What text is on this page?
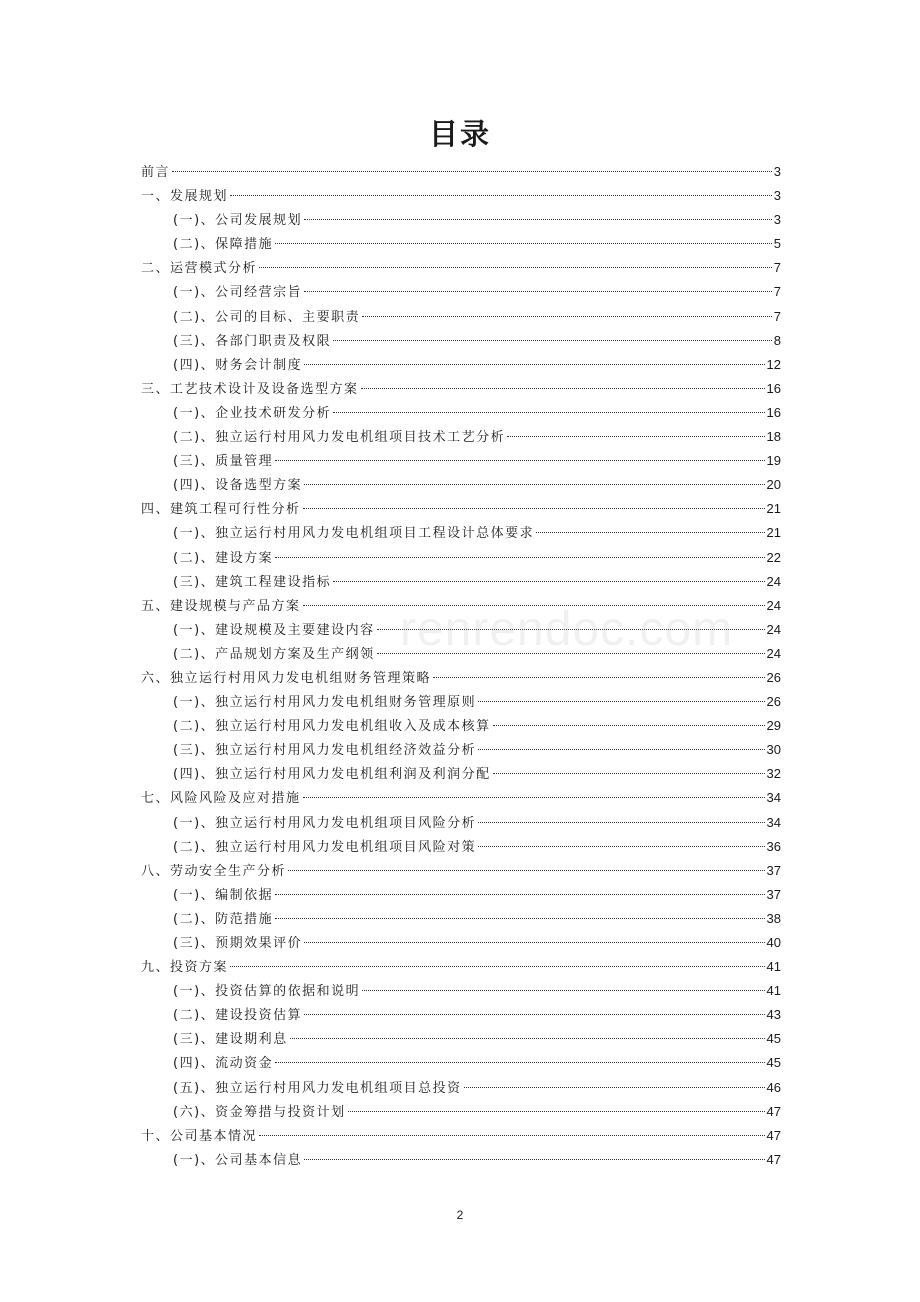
目录
前言	3
一、发展规划	3
(一)、公司发展规划	3
(二)、保障措施	5
二、运营模式分析	7
(一)、公司经营宗旨	7
(二)、公司的目标、主要职责	7
(三)、各部门职责及权限	8
(四)、财务会计制度	12
三、工艺技术设计及设备选型方案	16
(一)、企业技术研发分析	16
(二)、独立运行村用风力发电机组项目技术工艺分析	18
(三)、质量管理	19
(四)、设备选型方案	20
四、建筑工程可行性分析	21
(一)、独立运行村用风力发电机组项目工程设计总体要求	21
(二)、建设方案	22
(三)、建筑工程建设指标	24
五、建设规模与产品方案	24
(一)、建设规模及主要建设内容	24
(二)、产品规划方案及生产纲领	24
六、独立运行村用风力发电机组财务管理策略	26
(一)、独立运行村用风力发电机组财务管理原则	26
(二)、独立运行村用风力发电机组收入及成本核算	29
(三)、独立运行村用风力发电机组经济效益分析	30
(四)、独立运行村用风力发电机组利润及利润分配	32
七、风险风险及应对措施	34
(一)、独立运行村用风力发电机组项目风险分析	34
(二)、独立运行村用风力发电机组项目风险对策	36
八、劳动安全生产分析	37
(一)、编制依据	37
(二)、防范措施	38
(三)、预期效果评价	40
九、投资方案	41
(一)、投资估算的依据和说明	41
(二)、建设投资估算	43
(三)、建设期利息	45
(四)、流动资金	45
(五)、独立运行村用风力发电机组项目总投资	46
(六)、资金筹措与投资计划	47
十、公司基本情况	47
(一)、公司基本信息	47
renrendoc.com
2
